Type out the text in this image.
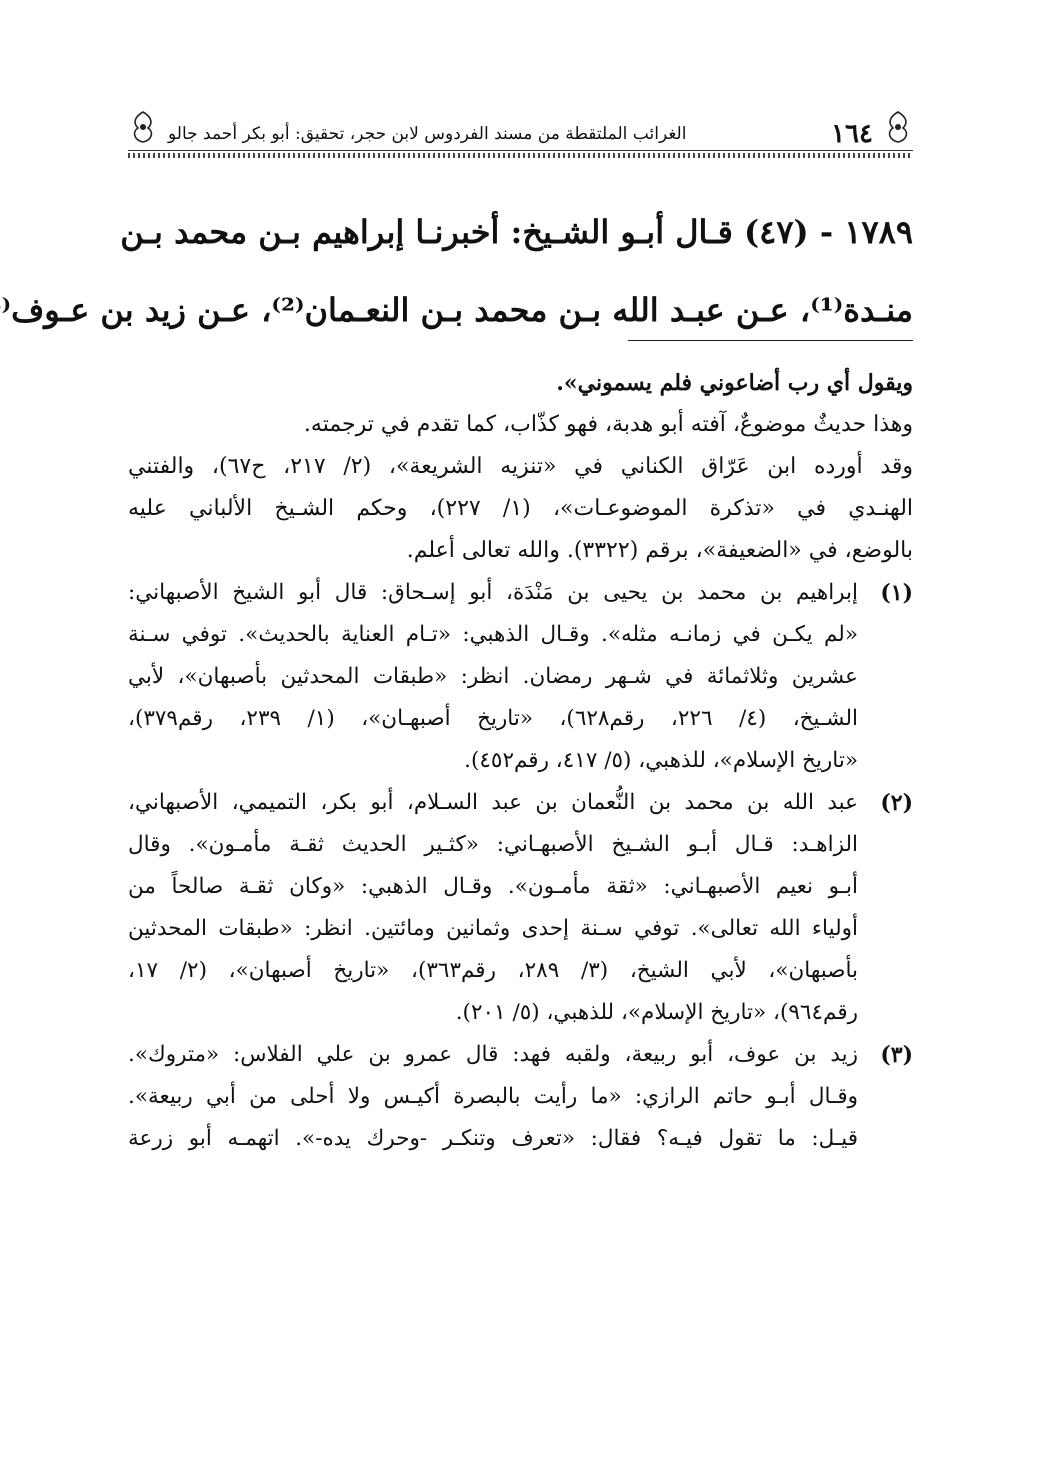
١٦٤
الغرائب الملتقطة من مسند الفردوس لابن حجر، تحقيق: أبو بكر أحمد جالو

١٧٨٩ - (٤٧) قـال أبـو الشـيخ: أخبرنـا إبراهيم بـن محمد بـن

منـدة⁽¹⁾، عـن عبـد الله بـن محمد بـن النعـمان⁽²⁾، عـن زيد بن عـوف⁽

ويقول أي رب أضاعوني فلم يسموني».

وهذا حديثٌ موضوعٌ، آفته أبو هدبة، فهو كذّاب، كما تقدم في ترجمته.

وقد أورده ابن عَرّاق الكناني في «تنزيه الشريعة»، (٢/ ٢١٧، ح٦٧)، والفتني

الهنـدي في «تذكرة الموضوعـات»، (١/ ٢٢٧)، وحكم الشـيخ الألباني عليه

بالوضع، في «الضعيفة»، برقم (٣٣٢٢). والله تعالى أعلم.

(١)

إبراهيم بن محمد بن يحيى بن مَنْدَة، أبو إسـحاق: قال أبو الشيخ الأصبهاني:

«لم يكـن في زمانـه مثله». وقـال الذهبي: «تـام العناية بالحديث». توفي سـنة

عشرين وثلاثمائة في شـهر رمضان. انظر: «طبقات المحدثين بأصبهان»، لأبي

الشـيخ، (٤/ ٢٢٦، رقم٦٢٨)، «تاريخ أصبهـان»، (١/ ٢٣٩، رقم٣٧٩)،

«تاريخ الإسلام»، للذهبي، (٥/ ٤١٧، رقم٤٥٢).

(٢)

عبد الله بن محمد بن النُّعمان بن عبد السـلام، أبو بكر، التميمي، الأصبهاني،

الزاهـد: قـال أبـو الشـيخ الأصبهـاني: «كثـير الحديث ثقـة مأمـون». وقال

أبـو نعيم الأصبهـاني: «ثقة مأمـون». وقـال الذهبي: «وكان ثقـة صالحاً من

أولياء الله تعالى». توفي سـنة إحدى وثمانين ومائتين. انظر: «طبقات المحدثين

بأصبهان»، لأبي الشيخ، (٣/ ٢٨٩، رقم٣٦٣)، «تاريخ أصبهان»، (٢/ ١٧،

رقم٩٦٤)، «تاريخ الإسلام»، للذهبي، (٥/ ٢٠١).

(٣)

زيد بن عوف، أبو ربيعة، ولقبه فهد: قال عمرو بن علي الفلاس: «متروك».

وقـال أبـو حاتم الرازي: «ما رأيت بالبصرة أكيـس ولا أحلى من أبي ربيعة».

قيـل: ما تقول فيـه؟ فقال: «تعرف وتنكـر -وحرك يده-». اتهمـه أبو زرعة
